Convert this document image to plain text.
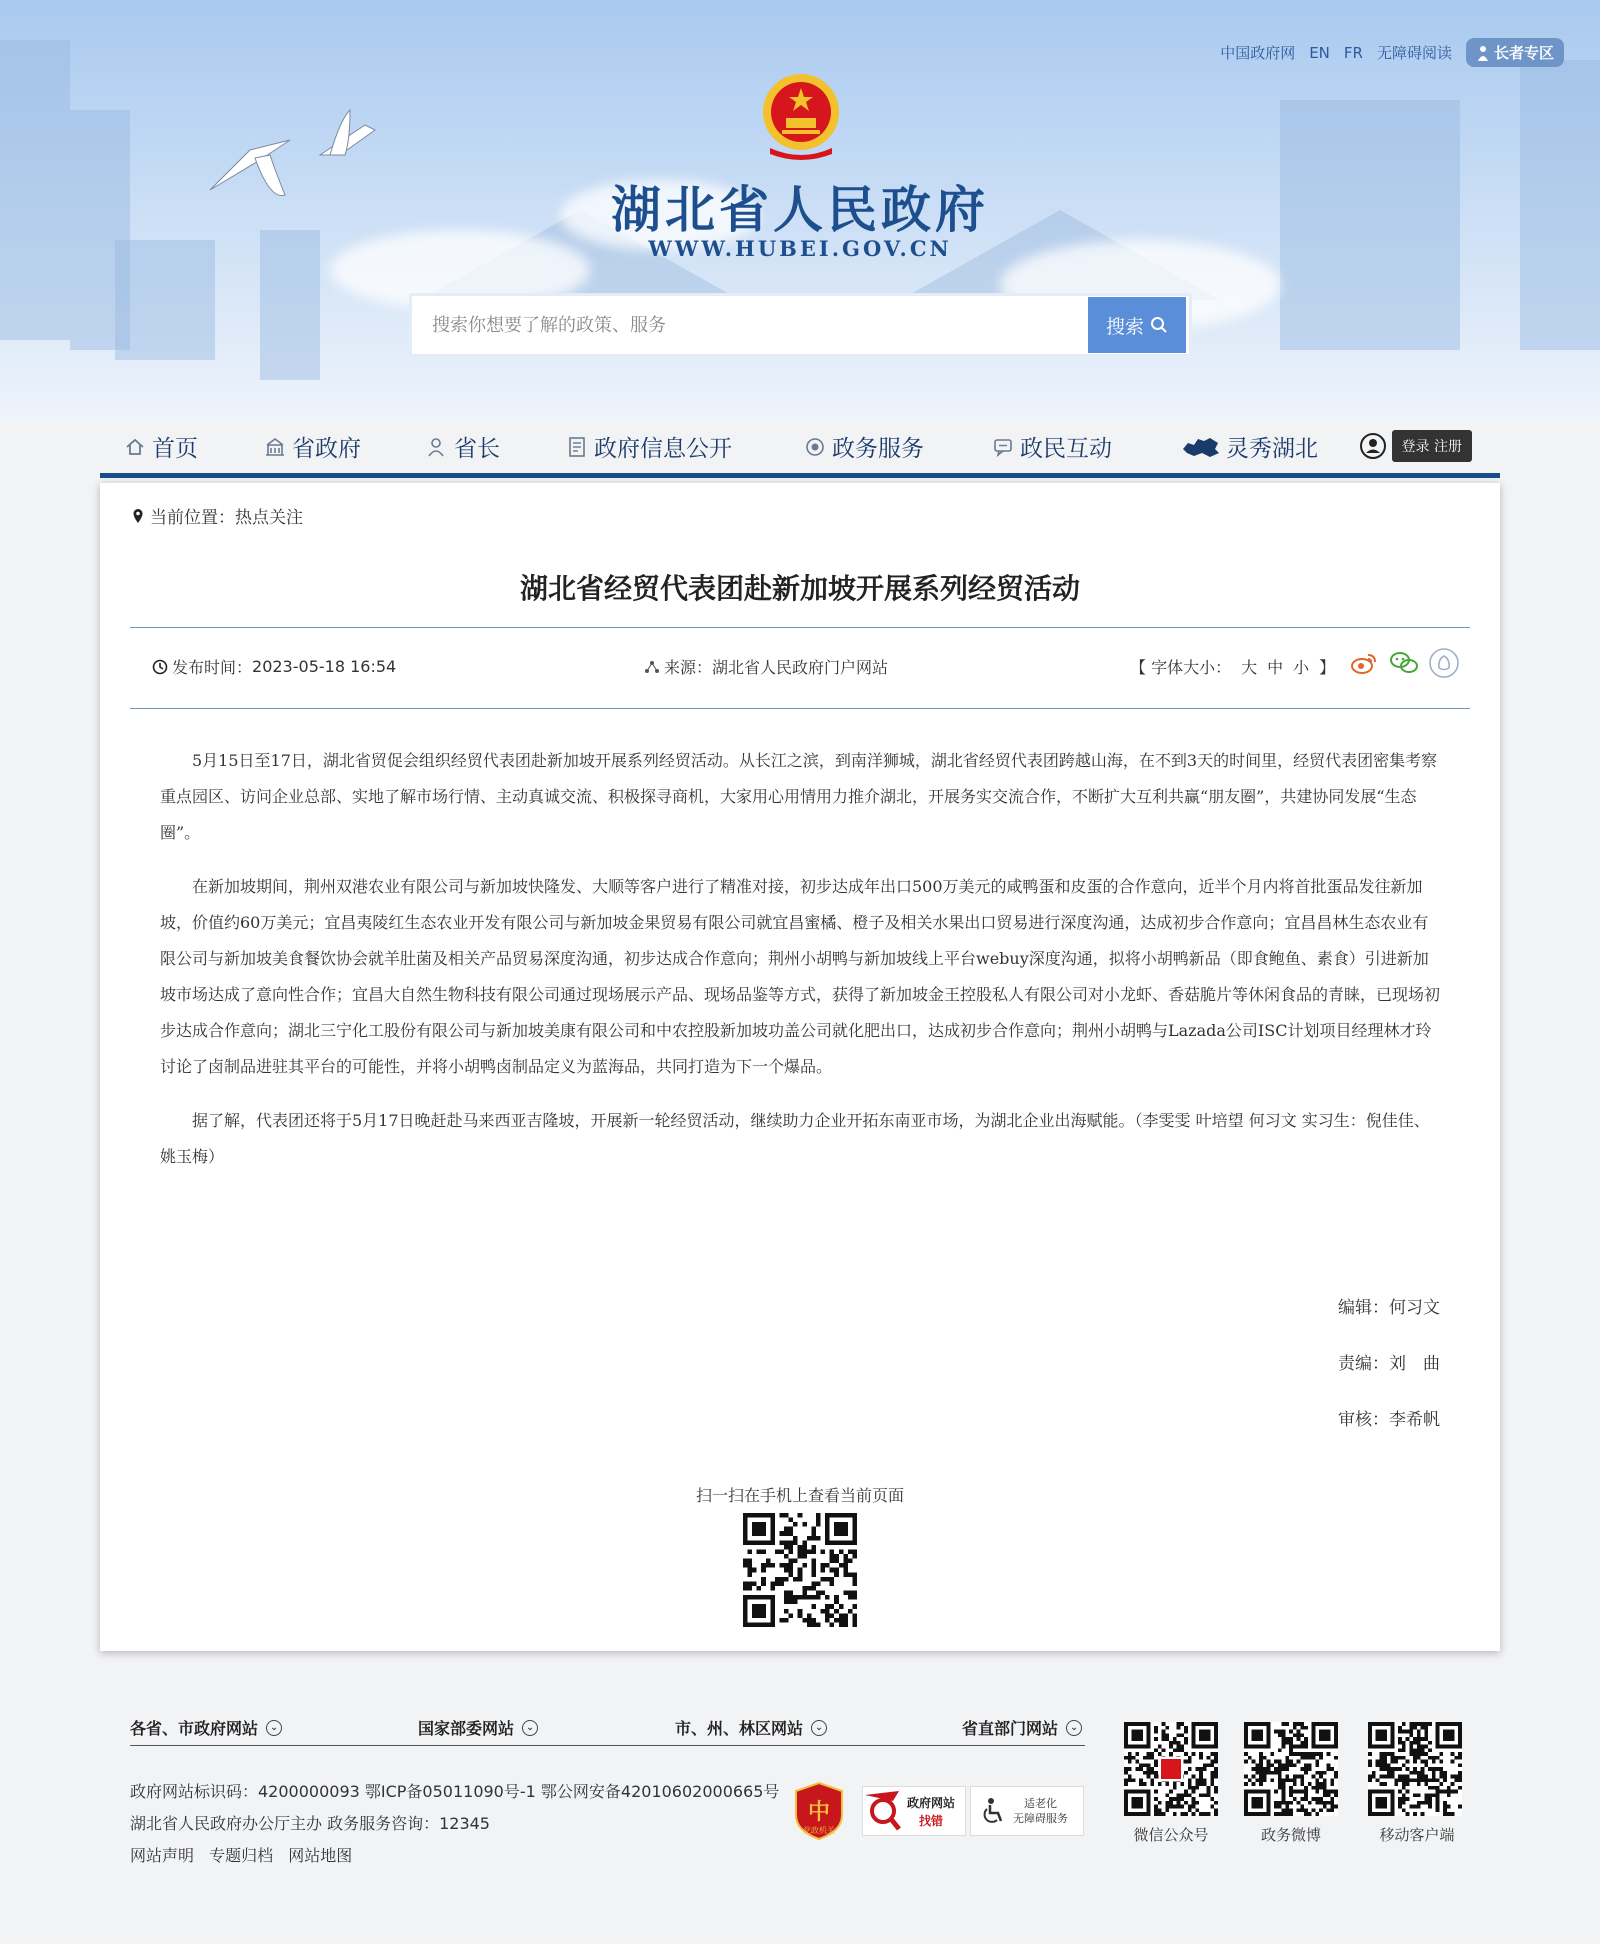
中国政府网 EN FR 无障碍阅读	长者专区
湖北省人民政府
WWW.HUBEI.GOV.CN
搜索你想要了解的政策、服务
搜索
首页	省政府	省长	政府信息公开	政务服务	政民互动	灵秀湖北	登录 注册
当前位置： 热点关注
湖北省经贸代表团赴新加坡开展系列经贸活动
发布时间： 2023-05-18 16:54	来源： 湖北省人民政府门户网站	【 字体大小： 大 中 小 】

5月15日至17日，湖北省贸促会组织经贸代表团赴新加坡开展系列经贸活动。从长江之滨，到南洋狮城，湖北省经贸代表团跨越山海，在不到3天的时间里，经贸代表团密集考察重点园区、访问企业总部、实地了解市场行情、主动真诚交流、积极探寻商机，大家用心用情用力推介湖北，开展务实交流合作，不断扩大互利共赢“朋友圈”，共建协同发展“生态圈”。

在新加坡期间，荆州双港农业有限公司与新加坡快隆发、大顺等客户进行了精准对接，初步达成年出口500万美元的咸鸭蛋和皮蛋的合作意向，近半个月内将首批蛋品发往新加坡，价值约60万美元；宜昌夷陵红生态农业开发有限公司与新加坡金果贸易有限公司就宜昌蜜橘、橙子及相关水果出口贸易进行深度沟通，达成初步合作意向；宜昌昌林生态农业有限公司与新加坡美食餐饮协会就羊肚菌及相关产品贸易深度沟通，初步达成合作意向；荆州小胡鸭与新加坡线上平台webuy深度沟通，拟将小胡鸭新品（即食鲍鱼、素食）引进新加坡市场达成了意向性合作；宜昌大自然生物科技有限公司通过现场展示产品、现场品鉴等方式，获得了新加坡金王控股私人有限公司对小龙虾、香菇脆片等休闲食品的青睐，已现场初步达成合作意向；湖北三宁化工股份有限公司与新加坡美康有限公司和中农控股新加坡功盖公司就化肥出口，达成初步合作意向；荆州小胡鸭与Lazada公司ISC计划项目经理林才玲讨论了卤制品进驻其平台的可能性，并将小胡鸭卤制品定义为蓝海品，共同打造为下一个爆品。

据了解，代表团还将于5月17日晚赶赴马来西亚吉隆坡，开展新一轮经贸活动，继续助力企业开拓东南亚市场，为湖北企业出海赋能。（李雯雯 叶培望 何习文 实习生：倪佳佳、姚玉梅）

编辑：何习文
责编：刘　曲
审核：李希帆
扫一扫在手机上查看当前页面
各省、市政府网站	⌄	国家部委网站	⌄	市、州、林区网站	⌄	省直部门网站	⌄
政府网站标识码：4200000093 鄂ICP备05011090号-1 鄂公网安备42010602000665号
湖北省人民政府办公厅主办 政务服务咨询：12345
网站声明 专题归档 网站地图
中
党政机关
政府网站
找错
适老化
无障碍服务
微信公众号	政务微博	移动客户端
